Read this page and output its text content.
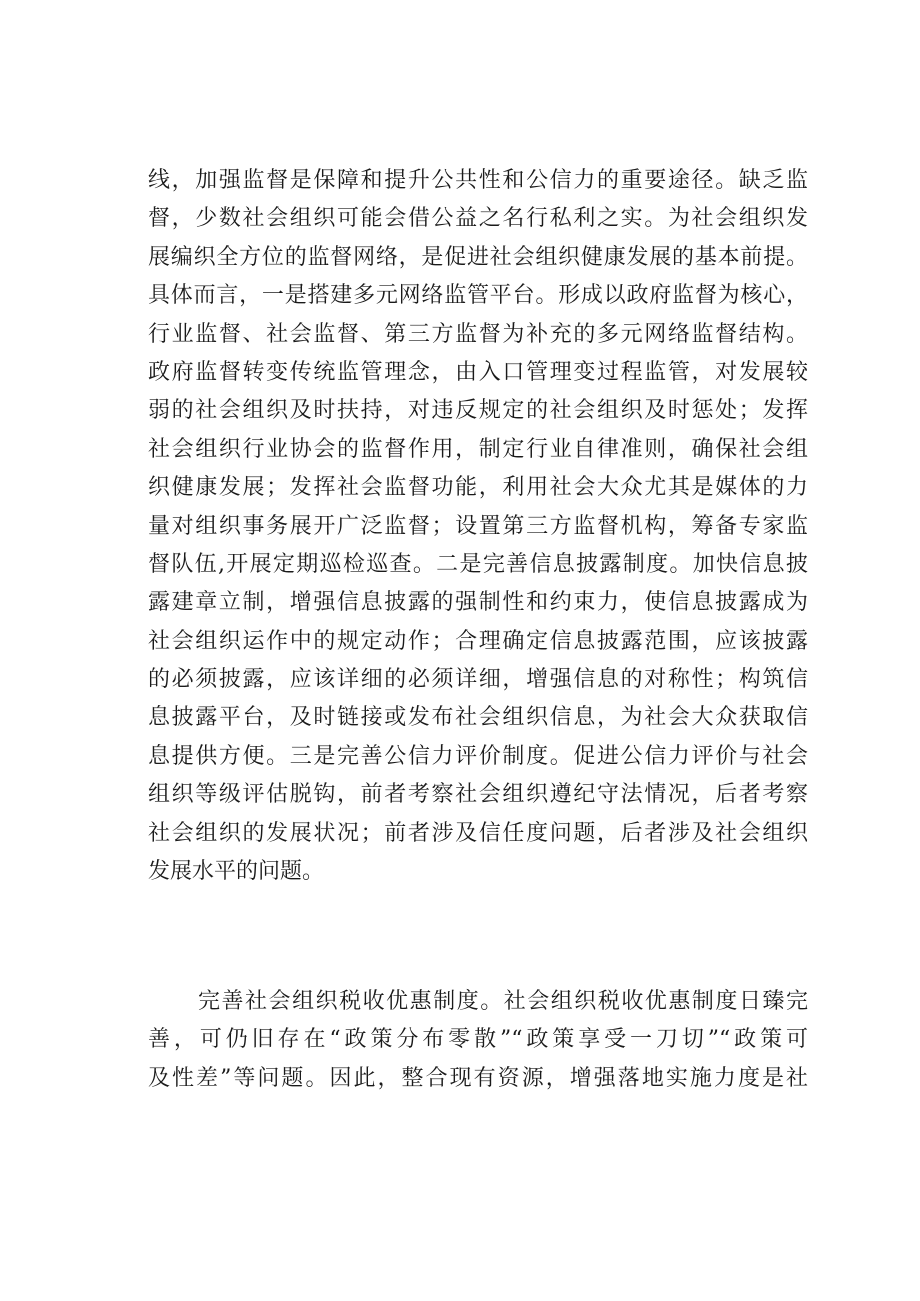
线，加强监督是保障和提升公共性和公信力的重要途径。缺乏监
督，少数社会组织可能会借公益之名行私利之实。为社会组织发
展编织全方位的监督网络，是促进社会组织健康发展的基本前提。
具体而言，一是搭建多元网络监管平台。形成以政府监督为核心，
行业监督、社会监督、第三方监督为补充的多元网络监督结构。
政府监督转变传统监管理念，由入口管理变过程监管，对发展较
弱的社会组织及时扶持，对违反规定的社会组织及时惩处；发挥
社会组织行业协会的监督作用，制定行业自律准则，确保社会组
织健康发展；发挥社会监督功能，利用社会大众尤其是媒体的力
量对组织事务展开广泛监督；设置第三方监督机构，筹备专家监
督队伍,开展定期巡检巡查。二是完善信息披露制度。加快信息披
露建章立制，增强信息披露的强制性和约束力，使信息披露成为
社会组织运作中的规定动作；合理确定信息披露范围，应该披露
的必须披露，应该详细的必须详细，增强信息的对称性；构筑信
息披露平台，及时链接或发布社会组织信息，为社会大众获取信
息提供方便。三是完善公信力评价制度。促进公信力评价与社会
组织等级评估脱钩，前者考察社会组织遵纪守法情况，后者考察
社会组织的发展状况；前者涉及信任度问题，后者涉及社会组织
发展水平的问题。
完善社会组织税收优惠制度。社会组织税收优惠制度日臻完
善，可仍旧存在“政策分布零散”“政策享受一刀切”“政策可
及性差”等问题。因此，整合现有资源，增强落地实施力度是社
